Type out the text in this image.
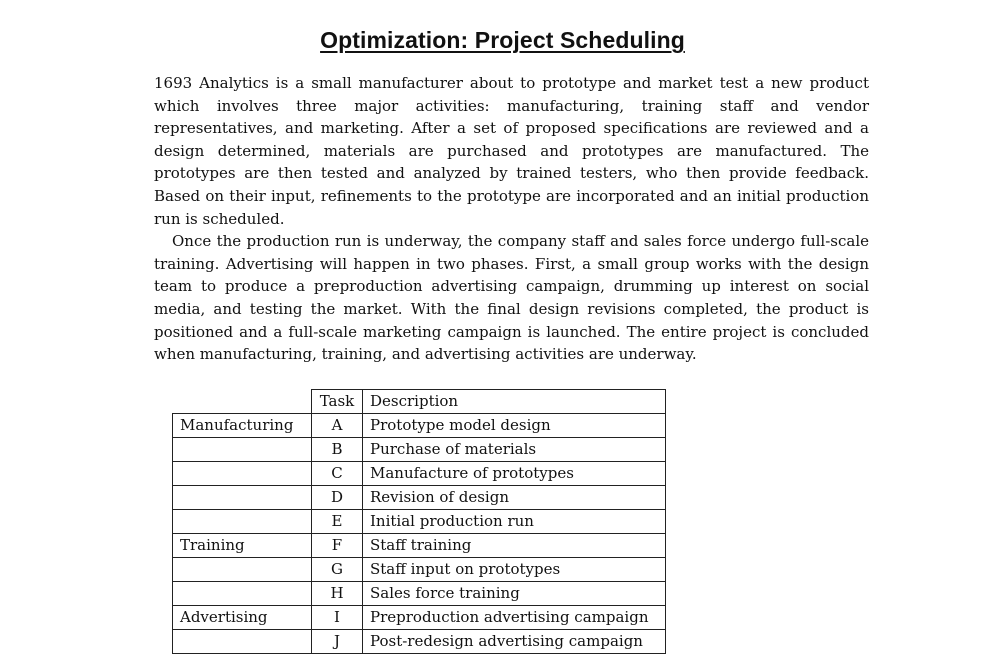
Optimization: Project Scheduling

1693 Analytics is a small manufacturer about to prototype and market test a new product which involves three major activities: manufacturing, training staff and vendor representatives, and marketing. After a set of proposed specifications are reviewed and a design determined, materials are purchased and prototypes are manufactured. The prototypes are then tested and analyzed by trained testers, who then provide feedback. Based on their input, refinements to the prototype are incorporated and an initial production run is scheduled.

Once the production run is underway, the company staff and sales force undergo full-scale training. Advertising will happen in two phases. First, a small group works with the design team to produce a preproduction advertising campaign, drumming up interest on social media, and testing the market. With the final design revisions completed, the product is positioned and a full-scale marketing campaign is launched. The entire project is concluded when manufacturing, training, and advertising activities are underway.

	Task	Description
Manufacturing	A	Prototype model design
	B	Purchase of materials
	C	Manufacture of prototypes
	D	Revision of design
	E	Initial production run
Training	F	Staff training
	G	Staff input on prototypes
	H	Sales force training
Advertising	I	Preproduction advertising campaign
	J	Post-redesign advertising campaign
